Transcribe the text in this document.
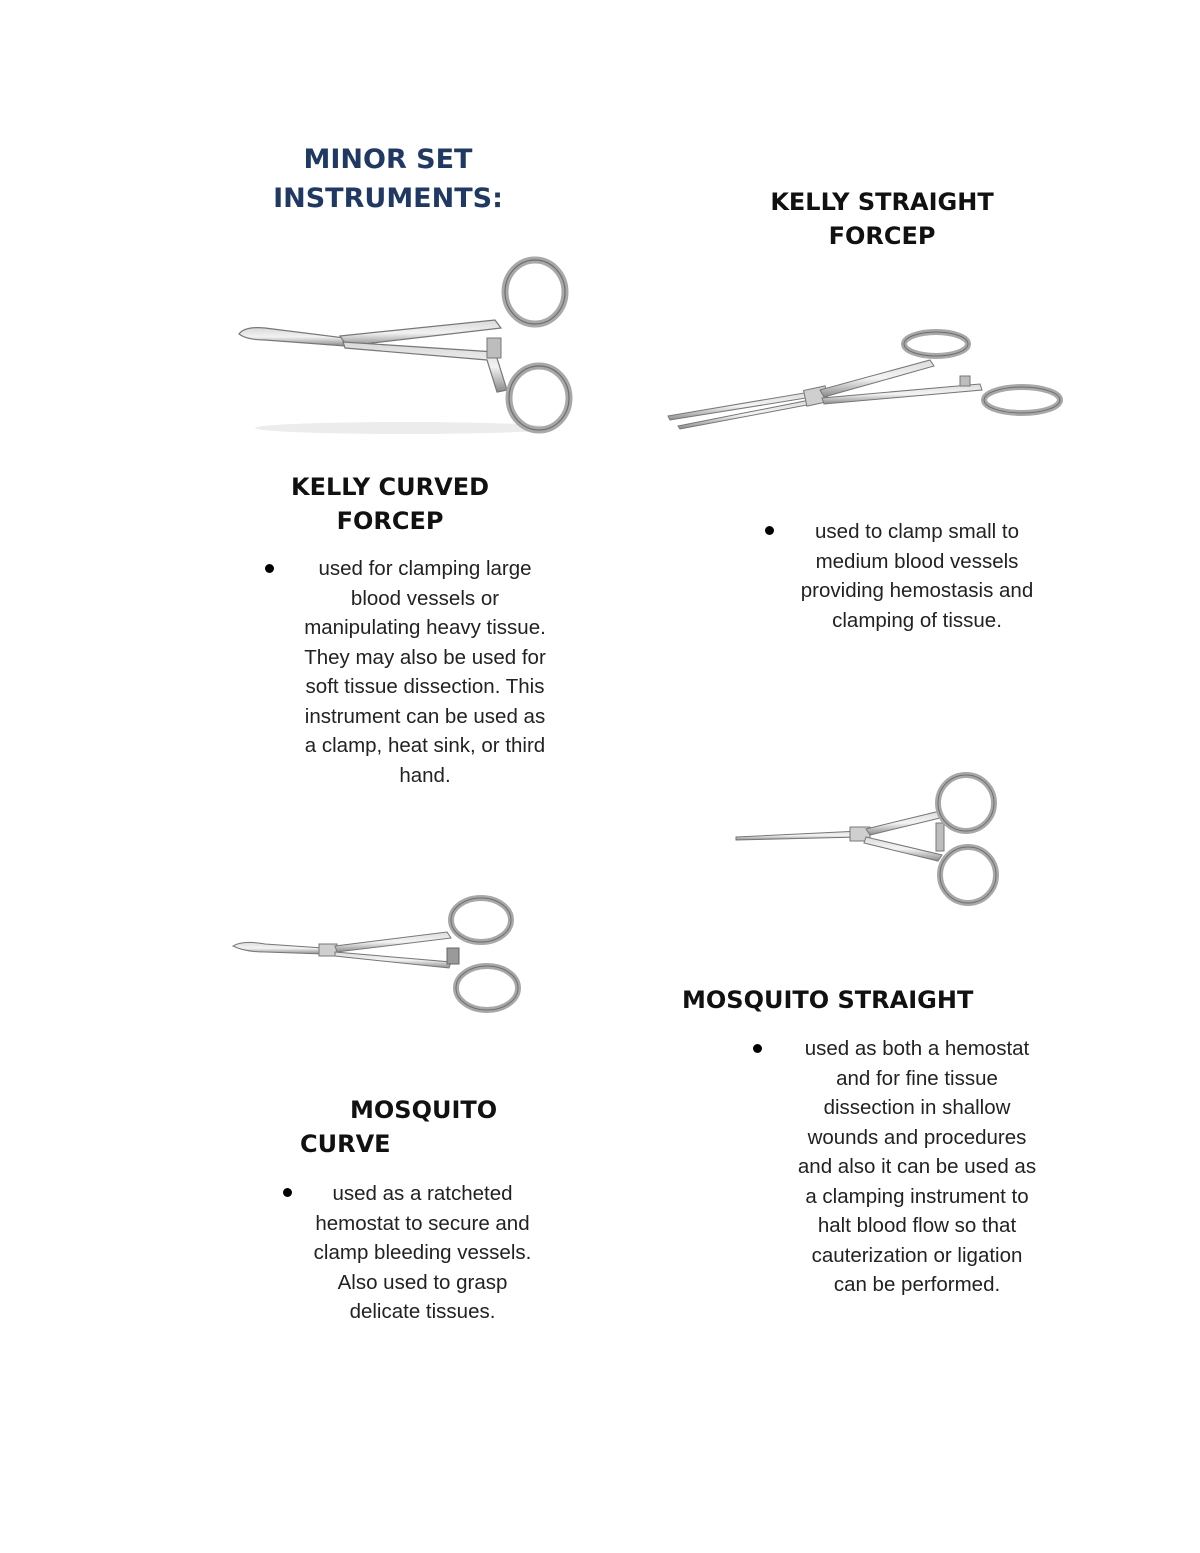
MINOR SET
INSTRUMENTS:
KELLY CURVED
FORCEP
used for clamping large
blood vessels or
manipulating heavy tissue.
They may also be used for
soft tissue dissection. This
instrument can be used as
a clamp, heat sink, or third
hand.
KELLY STRAIGHT
FORCEP
used to clamp small to
medium blood vessels
providing hemostasis and
clamping of tissue.
MOSQUITO STRAIGHT
used as both a hemostat
and for fine tissue
dissection in shallow
wounds and procedures
and also it can be used as
a clamping instrument to
halt blood flow so that
cauterization or ligation
can be performed.
MOSQUITO
CURVE
used as a ratcheted
hemostat to secure and
clamp bleeding vessels.
Also used to grasp
delicate tissues.
